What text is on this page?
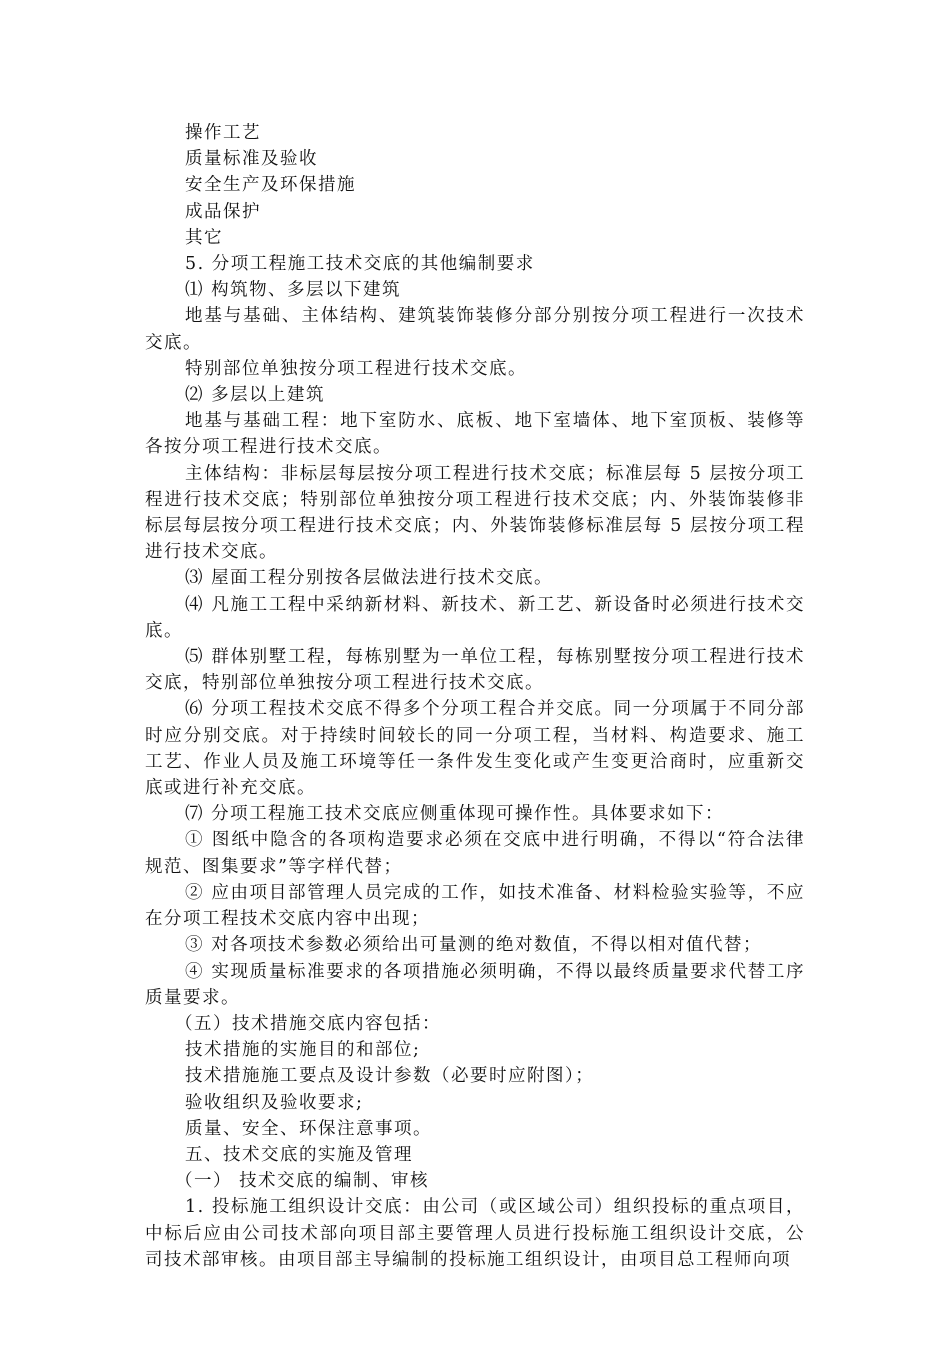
操作工艺

质量标准及验收

安全生产及环保措施

成品保护

其它

5. 分项工程施工技术交底的其他编制要求

⑴ 构筑物、多层以下建筑

地基与基础、主体结构、建筑装饰装修分部分别按分项工程进行一次技术交底。

特别部位单独按分项工程进行技术交底。

⑵ 多层以上建筑

地基与基础工程：地下室防水、底板、地下室墙体、地下室顶板、装修等各按分项工程进行技术交底。

主体结构：非标层每层按分项工程进行技术交底；标准层每 5 层按分项工程进行技术交底；特别部位单独按分项工程进行技术交底；内、外装饰装修非标层每层按分项工程进行技术交底；内、外装饰装修标准层每 5 层按分项工程进行技术交底。

⑶ 屋面工程分别按各层做法进行技术交底。

⑷ 凡施工工程中采纳新材料、新技术、新工艺、新设备时必须进行技术交底。

⑸ 群体别墅工程，每栋别墅为一单位工程，每栋别墅按分项工程进行技术交底，特别部位单独按分项工程进行技术交底。

⑹ 分项工程技术交底不得多个分项工程合并交底。同一分项属于不同分部时应分别交底。对于持续时间较长的同一分项工程，当材料、构造要求、施工工艺、作业人员及施工环境等任一条件发生变化或产生变更洽商时，应重新交底或进行补充交底。

⑺ 分项工程施工技术交底应侧重体现可操作性。具体要求如下：

① 图纸中隐含的各项构造要求必须在交底中进行明确，不得以“符合法律规范、图集要求”等字样代替；

② 应由项目部管理人员完成的工作，如技术准备、材料检验实验等，不应在分项工程技术交底内容中出现；

③ 对各项技术参数必须给出可量测的绝对数值，不得以相对值代替；

④ 实现质量标准要求的各项措施必须明确，不得以最终质量要求代替工序质量要求。

（五）技术措施交底内容包括：

技术措施的实施目的和部位;

技术措施施工要点及设计参数（必要时应附图）；

验收组织及验收要求;

质量、安全、环保注意事项。

五、技术交底的实施及管理

（一） 技术交底的编制、审核

1. 投标施工组织设计交底：由公司（或区域公司）组织投标的重点项目，中标后应由公司技术部向项目部主要管理人员进行投标施工组织设计交底，公司技术部审核。由项目部主导编制的投标施工组织设计，由项目总工程师向项
